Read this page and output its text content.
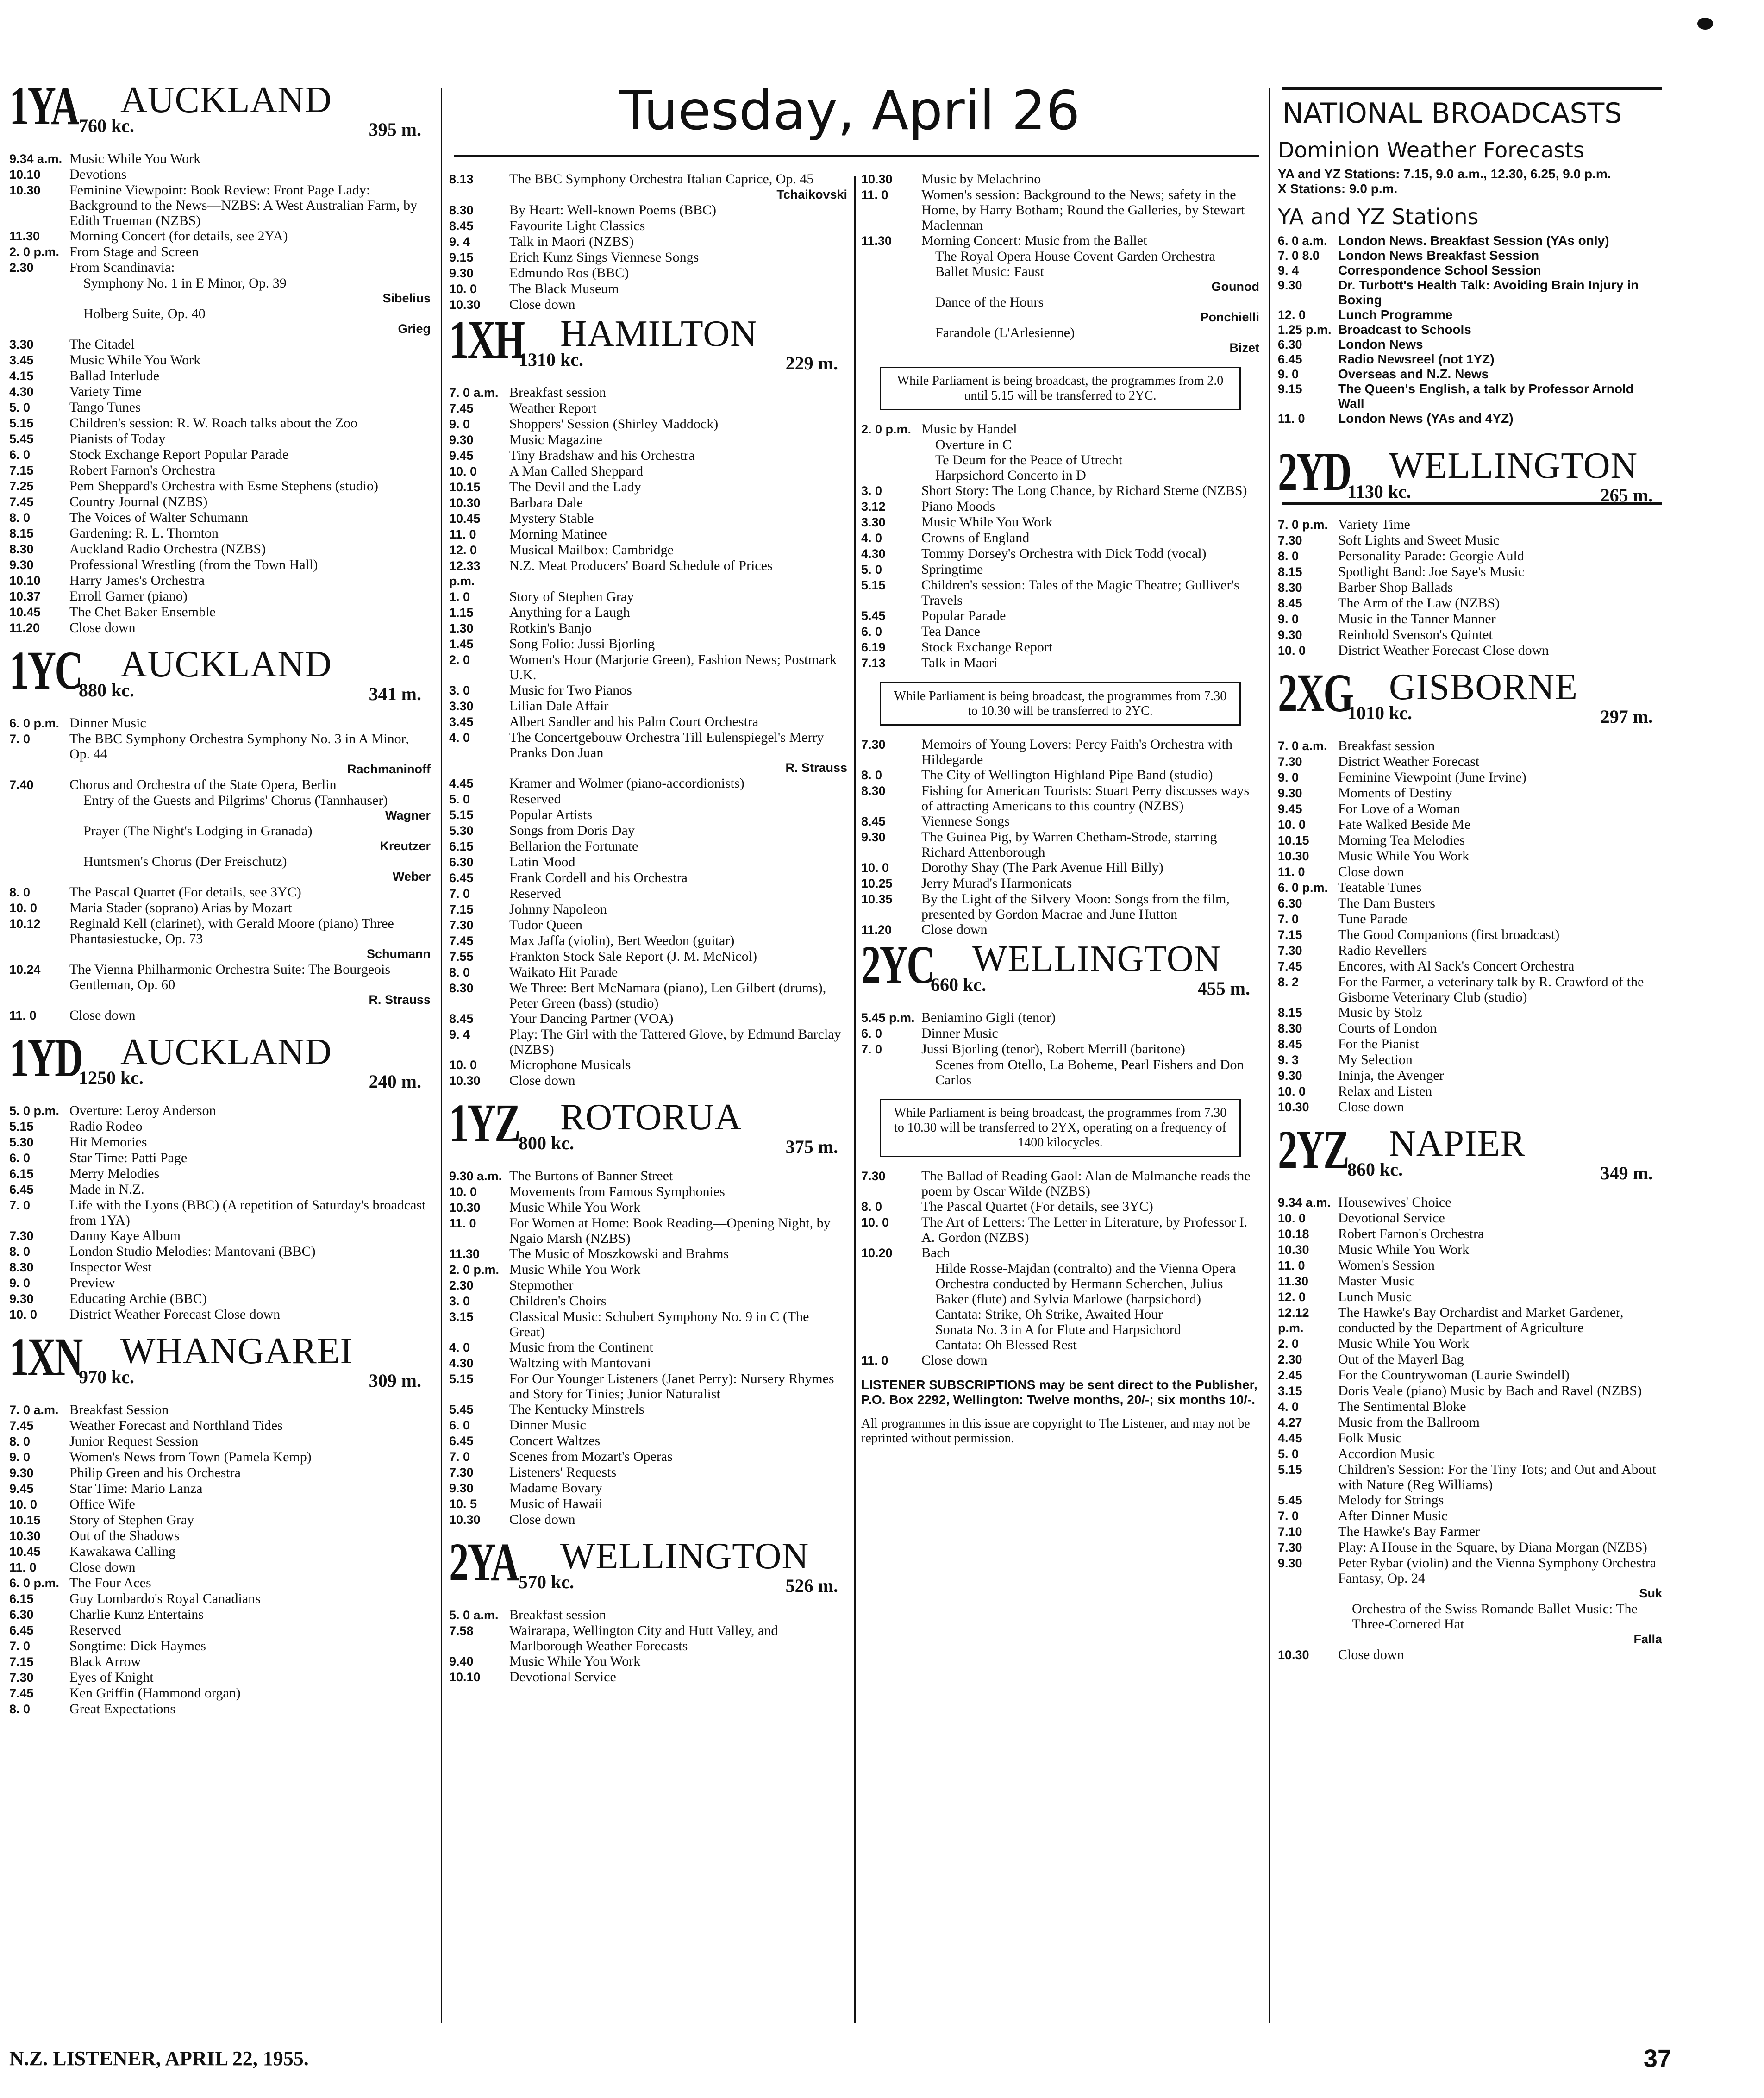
Tuesday, April 26
1YA AUCKLAND
760 kc.	395 m.
9.34 a.m. Music While You Work
10.10	Devotions
10.30	Feminine Viewpoint: Book Review: Front Page Lady: Background to the News—NZBS: A West Australian Farm, by Edith Trueman (NZBS)
11.30	Morning Concert (for details, see 2YA)
2. 0 p.m. From Stage and Screen
2.30	From Scandinavia:
Symphony No. 1 in E Minor, Op. 39
Sibelius
Holberg Suite, Op. 40
Grieg
3.30	The Citadel
3.45	Music While You Work
4.15	Ballad Interlude
4.30	Variety Time
5. 0	Tango Tunes
5.15	Children's session: R. W. Roach talks about the Zoo
5.45	Pianists of Today
6. 0	Stock Exchange Report Popular Parade
7.15	Robert Farnon's Orchestra
7.25	Pem Sheppard's Orchestra with Esme Stephens (studio)
7.45	Country Journal (NZBS)
8. 0	The Voices of Walter Schumann
8.15	Gardening: R. L. Thornton
8.30	Auckland Radio Orchestra (NZBS)
9.30	Professional Wrestling (from the Town Hall)
10.10	Harry James's Orchestra
10.37	Erroll Garner (piano)
10.45	The Chet Baker Ensemble
11.20	Close down
1YC AUCKLAND
880 kc.	341 m.
6. 0 p.m. Dinner Music
7. 0	The BBC Symphony Orchestra Symphony No. 3 in A Minor, Op. 44
Rachmaninoff
7.40	Chorus and Orchestra of the State Opera, Berlin
Entry of the Guests and Pilgrims' Chorus (Tannhauser)
Wagner
Prayer (The Night's Lodging in Granada)
Kreutzer
Huntsmen's Chorus (Der Freischutz)
Weber
8. 0	The Pascal Quartet (For details, see 3YC)
10. 0	Maria Stader (soprano) Arias by Mozart
10.12	Reginald Kell (clarinet), with Gerald Moore (piano) Three Phantasiestucke, Op. 73
Schumann
10.24	The Vienna Philharmonic Orchestra Suite: The Bourgeois Gentleman, Op. 60
R. Strauss
11. 0	Close down
1YD AUCKLAND
1250 kc.	240 m.
5. 0 p.m. Overture: Leroy Anderson
5.15	Radio Rodeo
5.30	Hit Memories
6. 0	Star Time: Patti Page
6.15	Merry Melodies
6.45	Made in N.Z.
7. 0	Life with the Lyons (BBC) (A repetition of Saturday's broadcast from 1YA)
7.30	Danny Kaye Album
8. 0	London Studio Melodies: Mantovani (BBC)
8.30	Inspector West
9. 0	Preview
9.30	Educating Archie (BBC)
10. 0	District Weather Forecast Close down
1XN WHANGAREI
970 kc.	309 m.
7. 0 a.m. Breakfast Session
7.45	Weather Forecast and Northland Tides
8. 0	Junior Request Session
9. 0	Women's News from Town (Pamela Kemp)
9.30	Philip Green and his Orchestra
9.45	Star Time: Mario Lanza
10. 0	Office Wife
10.15	Story of Stephen Gray
10.30	Out of the Shadows
10.45	Kawakawa Calling
11. 0	Close down
6. 0 p.m. The Four Aces
6.15	Guy Lombardo's Royal Canadians
6.30	Charlie Kunz Entertains
6.45	Reserved
7. 0	Songtime: Dick Haymes
7.15	Black Arrow
7.30	Eyes of Knight
7.45	Ken Griffin (Hammond organ)
8. 0	Great Expectations
8.13	The BBC Symphony Orchestra Italian Caprice, Op. 45
Tchaikovski
8.30	By Heart: Well-known Poems (BBC)
8.45	Favourite Light Classics
9. 4	Talk in Maori (NZBS)
9.15	Erich Kunz Sings Viennese Songs
9.30	Edmundo Ros (BBC)
10. 0	The Black Museum
10.30	Close down
1XH HAMILTON
1310 kc.	229 m.
7. 0 a.m. Breakfast session
7.45	Weather Report
9. 0	Shoppers' Session (Shirley Maddock)
9.30	Music Magazine
9.45	Tiny Bradshaw and his Orchestra
10. 0	A Man Called Sheppard
10.15	The Devil and the Lady
10.30	Barbara Dale
10.45	Mystery Stable
11. 0	Morning Matinee
12. 0	Musical Mailbox: Cambridge
12.33 p.m.
N.Z. Meat Producers' Board Schedule of Prices
1. 0	Story of Stephen Gray
1.15	Anything for a Laugh
1.30	Rotkin's Banjo
1.45	Song Folio: Jussi Bjorling
2. 0	Women's Hour (Marjorie Green), Fashion News; Postmark U.K.
3. 0	Music for Two Pianos
3.30	Lilian Dale Affair
3.45	Albert Sandler and his Palm Court Orchestra
4. 0	The Concertgebouw Orchestra Till Eulenspiegel's Merry Pranks Don Juan
R. Strauss
4.45	Kramer and Wolmer (piano-accordionists)
5. 0	Reserved
5.15	Popular Artists
5.30	Songs from Doris Day
6.15	Bellarion the Fortunate
6.30	Latin Mood
6.45	Frank Cordell and his Orchestra
7. 0	Reserved
7.15	Johnny Napoleon
7.30	Tudor Queen
7.45	Max Jaffa (violin), Bert Weedon (guitar)
7.55	Frankton Stock Sale Report (J. M. McNicol)
8. 0	Waikato Hit Parade
8.30	We Three: Bert McNamara (piano), Len Gilbert (drums), Peter Green (bass) (studio)
8.45	Your Dancing Partner (VOA)
9. 4	Play: The Girl with the Tattered Glove, by Edmund Barclay (NZBS)
10. 0	Microphone Musicals
10.30	Close down
1YZ ROTORUA
800 kc.	375 m.
9.30 a.m. The Burtons of Banner Street
10. 0	Movements from Famous Symphonies
10.30	Music While You Work
11. 0	For Women at Home: Book Reading—Opening Night, by Ngaio Marsh (NZBS)
11.30	The Music of Moszkowski and Brahms
2. 0 p.m. Music While You Work
2.30	Stepmother
3. 0	Children's Choirs
3.15	Classical Music: Schubert Symphony No. 9 in C (The Great)
4. 0	Music from the Continent
4.30	Waltzing with Mantovani
5.15	For Our Younger Listeners (Janet Perry): Nursery Rhymes and Story for Tinies; Junior Naturalist
5.45	The Kentucky Minstrels
6. 0	Dinner Music
6.45	Concert Waltzes
7. 0	Scenes from Mozart's Operas
7.30	Listeners' Requests
9.30	Madame Bovary
10. 5	Music of Hawaii
10.30	Close down
2YA WELLINGTON
570 kc.	526 m.
5. 0 a.m. Breakfast session
7.58	Wairarapa, Wellington City and Hutt Valley, and Marlborough Weather Forecasts
9.40	Music While You Work
10.10	Devotional Service
10.30	Music by Melachrino
11. 0	Women's session: Background to the News; safety in the Home, by Harry Botham; Round the Galleries, by Stewart Maclennan
11.30	Morning Concert: Music from the Ballet
The Royal Opera House Covent Garden Orchestra
Ballet Music: Faust
Gounod
Dance of the Hours
Ponchielli
Farandole (L'Arlesienne)
Bizet
While Parliament is being broadcast, the programmes from 2.0 until 5.15 will be transferred to 2YC.
2. 0 p.m. Music by Handel
Overture in C
Te Deum for the Peace of Utrecht
Harpsichord Concerto in D
3. 0	Short Story: The Long Chance, by Richard Sterne (NZBS)
3.12	Piano Moods
3.30	Music While You Work
4. 0	Crowns of England
4.30	Tommy Dorsey's Orchestra with Dick Todd (vocal)
5. 0	Springtime
5.15	Children's session: Tales of the Magic Theatre; Gulliver's Travels
5.45	Popular Parade
6. 0	Tea Dance
6.19	Stock Exchange Report
7.13	Talk in Maori
While Parliament is being broadcast, the programmes from 7.30 to 10.30 will be transferred to 2YC.
7.30	Memoirs of Young Lovers: Percy Faith's Orchestra with Hildegarde
8. 0	The City of Wellington Highland Pipe Band (studio)
8.30	Fishing for American Tourists: Stuart Perry discusses ways of attracting Americans to this country (NZBS)
8.45	Viennese Songs
9.30	The Guinea Pig, by Warren Chetham-Strode, starring Richard Attenborough
10. 0	Dorothy Shay (The Park Avenue Hill Billy)
10.25	Jerry Murad's Harmonicats
10.35	By the Light of the Silvery Moon: Songs from the film, presented by Gordon Macrae and June Hutton
11.20	Close down
2YC WELLINGTON
660 kc.	455 m.
5.45 p.m. Beniamino Gigli (tenor)
6. 0	Dinner Music
7. 0	Jussi Bjorling (tenor), Robert Merrill (baritone)
Scenes from Otello, La Boheme, Pearl Fishers and Don Carlos
While Parliament is being broadcast, the programmes from 7.30 to 10.30 will be transferred to 2YX, operating on a frequency of 1400 kilocycles.
7.30	The Ballad of Reading Gaol: Alan de Malmanche reads the poem by Oscar Wilde (NZBS)
8. 0	The Pascal Quartet (For details, see 3YC)
10. 0	The Art of Letters: The Letter in Literature, by Professor I. A. Gordon (NZBS)
10.20	Bach
Hilde Rosse-Majdan (contralto) and the Vienna Opera Orchestra conducted by Hermann Scherchen, Julius Baker (flute) and Sylvia Marlowe (harpsichord)
Cantata: Strike, Oh Strike, Awaited Hour
Sonata No. 3 in A for Flute and Harpsichord
Cantata: Oh Blessed Rest
11. 0	Close down
LISTENER SUBSCRIPTIONS may be sent direct to the Publisher, P.O. Box 2292, Wellington: Twelve months, 20/-; six months 10/-.
All programmes in this issue are copyright to The Listener, and may not be reprinted without permission.
NATIONAL BROADCASTS
Dominion Weather Forecasts
YA and YZ Stations: 7.15, 9.0 a.m., 12.30, 6.25, 9.0 p.m.
X Stations: 9.0 p.m.
YA and YZ Stations
6. 0 a.m. London News. Breakfast Session (YAs only)
7. 0 8.0	London News Breakfast Session
9. 4	Correspondence School Session
9.30	Dr. Turbott's Health Talk: Avoiding Brain Injury in Boxing
12. 0	Lunch Programme
1.25 p.m. Broadcast to Schools
6.30	London News
6.45	Radio Newsreel (not 1YZ)
9. 0	Overseas and N.Z. News
9.15	The Queen's English, a talk by Professor Arnold Wall
11. 0	London News (YAs and 4YZ)
2YD WELLINGTON
1130 kc.	265 m.
7. 0 p.m. Variety Time
7.30	Soft Lights and Sweet Music
8. 0	Personality Parade: Georgie Auld
8.15	Spotlight Band: Joe Saye's Music
8.30	Barber Shop Ballads
8.45	The Arm of the Law (NZBS)
9. 0	Music in the Tanner Manner
9.30	Reinhold Svenson's Quintet
10. 0	District Weather Forecast Close down
2XG GISBORNE
1010 kc.	297 m.
7. 0 a.m. Breakfast session
7.30	District Weather Forecast
9. 0	Feminine Viewpoint (June Irvine)
9.30	Moments of Destiny
9.45	For Love of a Woman
10. 0	Fate Walked Beside Me
10.15	Morning Tea Melodies
10.30	Music While You Work
11. 0	Close down
6. 0 p.m. Teatable Tunes
6.30	The Dam Busters
7. 0	Tune Parade
7.15	The Good Companions (first broadcast)
7.30	Radio Revellers
7.45	Encores, with Al Sack's Concert Orchestra
8. 2	For the Farmer, a veterinary talk by R. Crawford of the Gisborne Veterinary Club (studio)
8.15	Music by Stolz
8.30	Courts of London
8.45	For the Pianist
9. 3	My Selection
9.30	Ininja, the Avenger
10. 0	Relax and Listen
10.30	Close down
2YZ NAPIER
860 kc.	349 m.
9.34 a.m. Housewives' Choice
10. 0	Devotional Service
10.18	Robert Farnon's Orchestra
10.30	Music While You Work
11. 0	Women's Session
11.30	Master Music
12. 0	Lunch Music
12.12 p.m.
The Hawke's Bay Orchardist and Market Gardener, conducted by the Department of Agriculture
2. 0	Music While You Work
2.30	Out of the Mayerl Bag
2.45	For the Countrywoman (Laurie Swindell)
3.15	Doris Veale (piano) Music by Bach and Ravel (NZBS)
4. 0	The Sentimental Bloke
4.27	Music from the Ballroom
4.45	Folk Music
5. 0	Accordion Music
5.15	Children's Session: For the Tiny Tots; and Out and About with Nature (Reg Williams)
5.45	Melody for Strings
7. 0	After Dinner Music
7.10	The Hawke's Bay Farmer
7.30	Play: A House in the Square, by Diana Morgan (NZBS)
9.30	Peter Rybar (violin) and the Vienna Symphony Orchestra Fantasy, Op. 24
Suk
Orchestra of the Swiss Romande Ballet Music: The Three-Cornered Hat
Falla
10.30	Close down
N.Z. LISTENER, APRIL 22, 1955.	37
